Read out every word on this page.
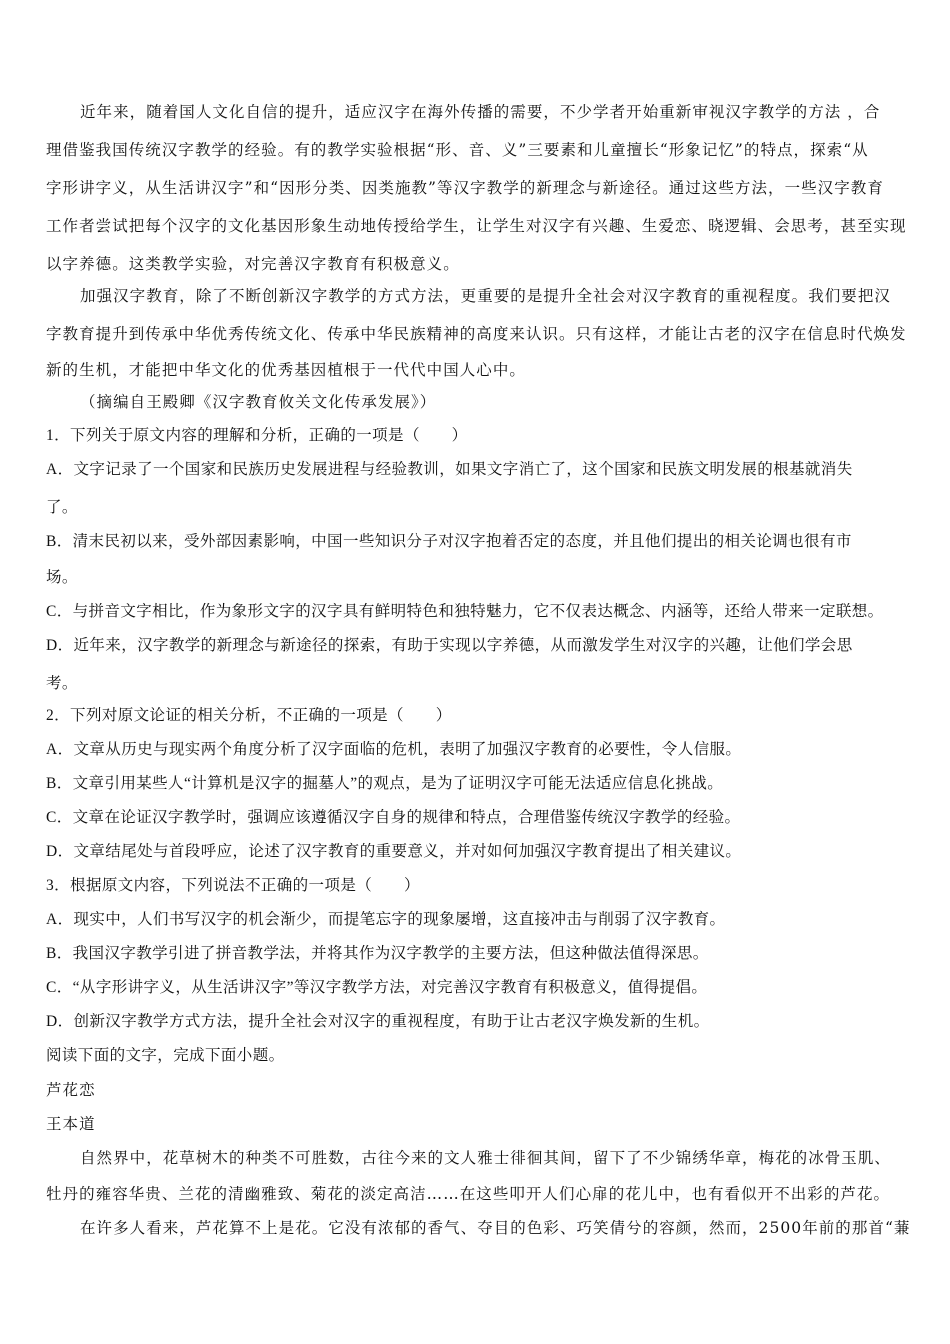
近年来，随着国人文化自信的提升，适应汉字在海外传播的需要，不少学者开始重新审视汉字教学的方法 ，合
理借鉴我国传统汉字教学的经验。有的教学实验根据“形、音、义”三要素和儿童擅长“形象记忆”的特点，探索“从
字形讲字义，从生活讲汉字”和“因形分类、因类施教”等汉字教学的新理念与新途径。通过这些方法，一些汉字教育
工作者尝试把每个汉字的文化基因形象生动地传授给学生，让学生对汉字有兴趣、生爱恋、晓逻辑、会思考，甚至实现
以字养德。这类教学实验，对完善汉字教育有积极意义。
加强汉字教育，除了不断创新汉字教学的方式方法，更重要的是提升全社会对汉字教育的重视程度。我们要把汉
字教育提升到传承中华优秀传统文化、传承中华民族精神的高度来认识。只有这样，才能让古老的汉字在信息时代焕发
新的生机，才能把中华文化的优秀基因植根于一代代中国人心中。
（摘编自王殿卿《汉字教育攸关文化传承发展》）
1．下列关于原文内容的理解和分析，正确的一项是（　　）
A．文字记录了一个国家和民族历史发展进程与经验教训，如果文字消亡了，这个国家和民族文明发展的根基就消失
了。
B．清末民初以来，受外部因素影响，中国一些知识分子对汉字抱着否定的态度，并且他们提出的相关论调也很有市
场。
C．与拼音文字相比，作为象形文字的汉字具有鲜明特色和独特魅力，它不仅表达概念、内涵等，还给人带来一定联想。
D．近年来，汉字教学的新理念与新途径的探索，有助于实现以字养德，从而激发学生对汉字的兴趣，让他们学会思
考。
2．下列对原文论证的相关分析，不正确的一项是（　　）
A．文章从历史与现实两个角度分析了汉字面临的危机，表明了加强汉字教育的必要性，令人信服。
B．文章引用某些人“计算机是汉字的掘墓人”的观点，是为了证明汉字可能无法适应信息化挑战。
C．文章在论证汉字教学时，强调应该遵循汉字自身的规律和特点，合理借鉴传统汉字教学的经验。
D．文章结尾处与首段呼应，论述了汉字教育的重要意义，并对如何加强汉字教育提出了相关建议。
3．根据原文内容，下列说法不正确的一项是（　　）
A．现实中，人们书写汉字的机会渐少，而提笔忘字的现象屡增，这直接冲击与削弱了汉字教育。
B．我国汉字教学引进了拼音教学法，并将其作为汉字教学的主要方法，但这种做法值得深思。
C．“从字形讲字义，从生活讲汉字”等汉字教学方法，对完善汉字教育有积极意义，值得提倡。
D．创新汉字教学方式方法，提升全社会对汉字的重视程度，有助于让古老汉字焕发新的生机。
阅读下面的文字，完成下面小题。
芦花恋
王本道
自然界中，花草树木的种类不可胜数，古往今来的文人雅士徘徊其间，留下了不少锦绣华章，梅花的冰骨玉肌、
牡丹的雍容华贵、兰花的清幽雅致、菊花的淡定高洁……在这些叩开人们心扉的花儿中，也有看似开不出彩的芦花。
在许多人看来，芦花算不上是花。它没有浓郁的香气、夺目的色彩、巧笑倩兮的容颜，然而，2500年前的那首“蒹
